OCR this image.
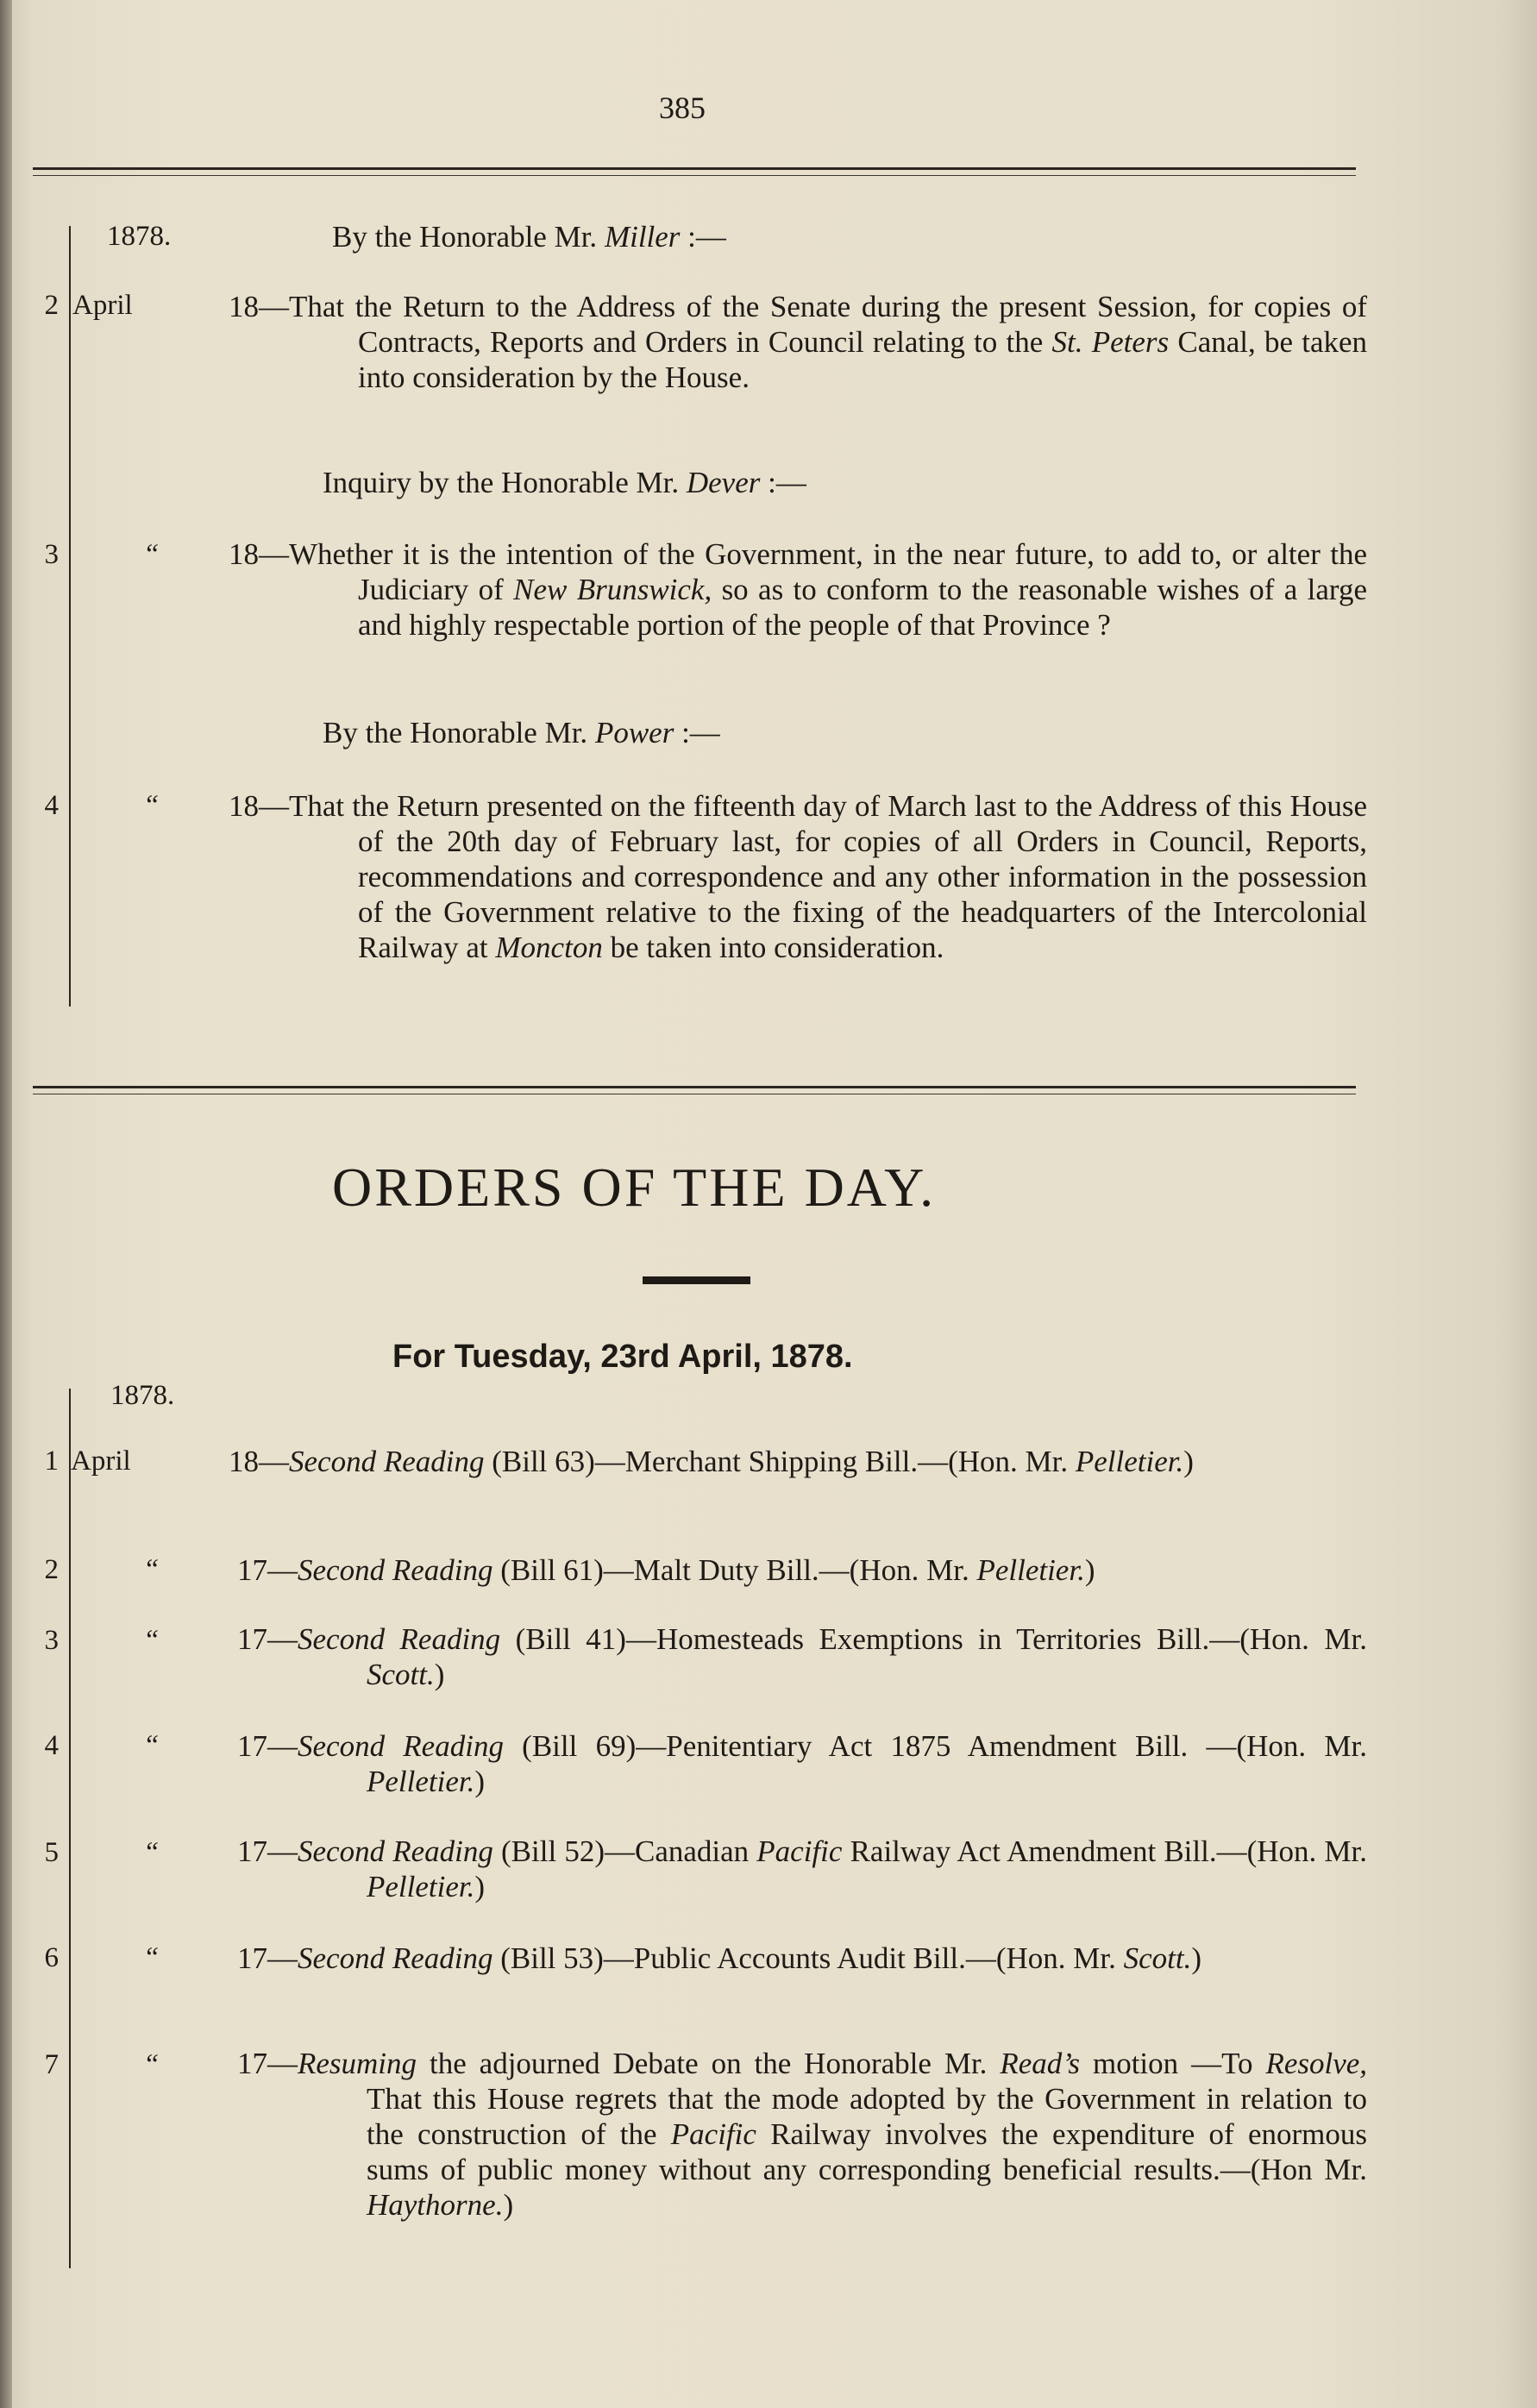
385
1878.	By the Honorable Mr. Miller :—
2 April	18—That the Return to the Address of the Senate during the present Session, for copies of Contracts, Reports and Orders in Council relating to the St. Peters Canal, be taken into consideration by the House.
Inquiry by the Honorable Mr. Dever :—
3	“ 18—Whether it is the intention of the Government, in the near future, to add to, or alter the Judiciary of New Brunswick, so as to conform to the reasonable wishes of a large and highly respectable portion of the people of that Province ?
By the Honorable Mr. Power :—
4	“ 18—That the Return presented on the fifteenth day of March last to the Address of this House of the 20th day of February last, for copies of all Orders in Council, Reports, recommendations and correspondence and any other information in the possession of the Government relative to the fixing of the headquarters of the Intercolonial Railway at Moncton be taken into consideration.
ORDERS OF THE DAY.
For Tuesday, 23rd April, 1878.
1878.
1 April	18—Second Reading (Bill 63)—Merchant Shipping Bill.—(Hon. Mr. Pelletier.)
2	“	17—Second Reading (Bill 61)—Malt Duty Bill.—(Hon. Mr. Pelletier.)
3	“	17—Second Reading (Bill 41)—Homesteads Exemptions in Territories Bill.—(Hon. Mr. Scott.)
4	“	17—Second Reading (Bill 69)—Penitentiary Act 1875 Amendment Bill. —(Hon. Mr. Pelletier.)
5	“	17—Second Reading (Bill 52)—Canadian Pacific Railway Act Amendment Bill.—(Hon. Mr. Pelletier.)
6	“	17—Second Reading (Bill 53)—Public Accounts Audit Bill.—(Hon. Mr. Scott.)
7	“	17—Resuming the adjourned Debate on the Honorable Mr. Read’s motion —To Resolve, That this House regrets that the mode adopted by the Government in relation to the construction of the Pacific Railway involves the expenditure of enormous sums of public money without any corresponding beneficial results.—(Hon Mr. Haythorne.)
